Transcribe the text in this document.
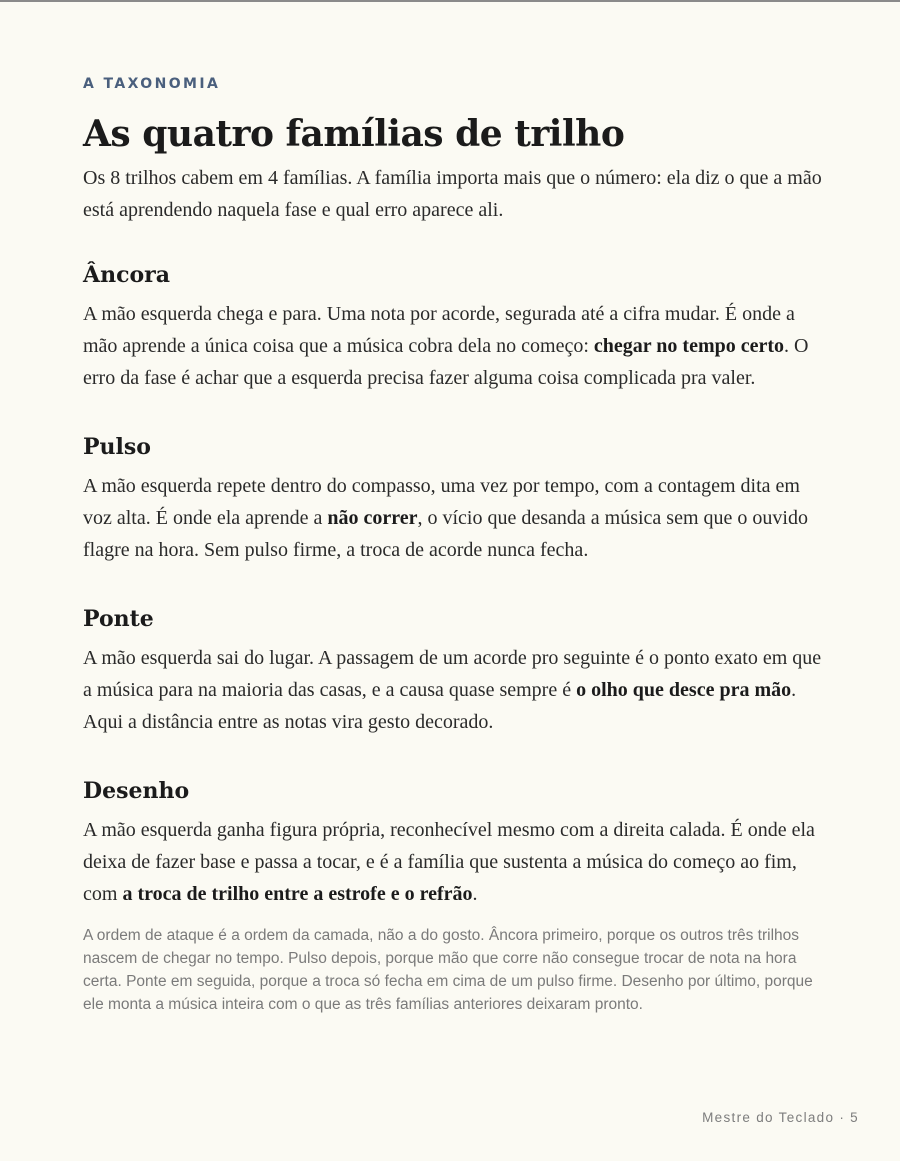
A TAXONOMIA

As quatro famílias de trilho

Os 8 trilhos cabem em 4 famílias. A família importa mais que o número: ela diz o que a mão está aprendendo naquela fase e qual erro aparece ali.

Âncora

A mão esquerda chega e para. Uma nota por acorde, segurada até a cifra mudar. É onde a mão aprende a única coisa que a música cobra dela no começo: chegar no tempo certo. O erro da fase é achar que a esquerda precisa fazer alguma coisa complicada pra valer.

Pulso

A mão esquerda repete dentro do compasso, uma vez por tempo, com a contagem dita em voz alta. É onde ela aprende a não correr, o vício que desanda a música sem que o ouvido flagre na hora. Sem pulso firme, a troca de acorde nunca fecha.

Ponte

A mão esquerda sai do lugar. A passagem de um acorde pro seguinte é o ponto exato em que a música para na maioria das casas, e a causa quase sempre é o olho que desce pra mão. Aqui a distância entre as notas vira gesto decorado.

Desenho

A mão esquerda ganha figura própria, reconhecível mesmo com a direita calada. É onde ela deixa de fazer base e passa a tocar, e é a família que sustenta a música do começo ao fim, com a troca de trilho entre a estrofe e o refrão.

A ordem de ataque é a ordem da camada, não a do gosto. Âncora primeiro, porque os outros três trilhos nascem de chegar no tempo. Pulso depois, porque mão que corre não consegue trocar de nota na hora certa. Ponte em seguida, porque a troca só fecha em cima de um pulso firme. Desenho por último, porque ele monta a música inteira com o que as três famílias anteriores deixaram pronto.

Mestre do Teclado · 5
